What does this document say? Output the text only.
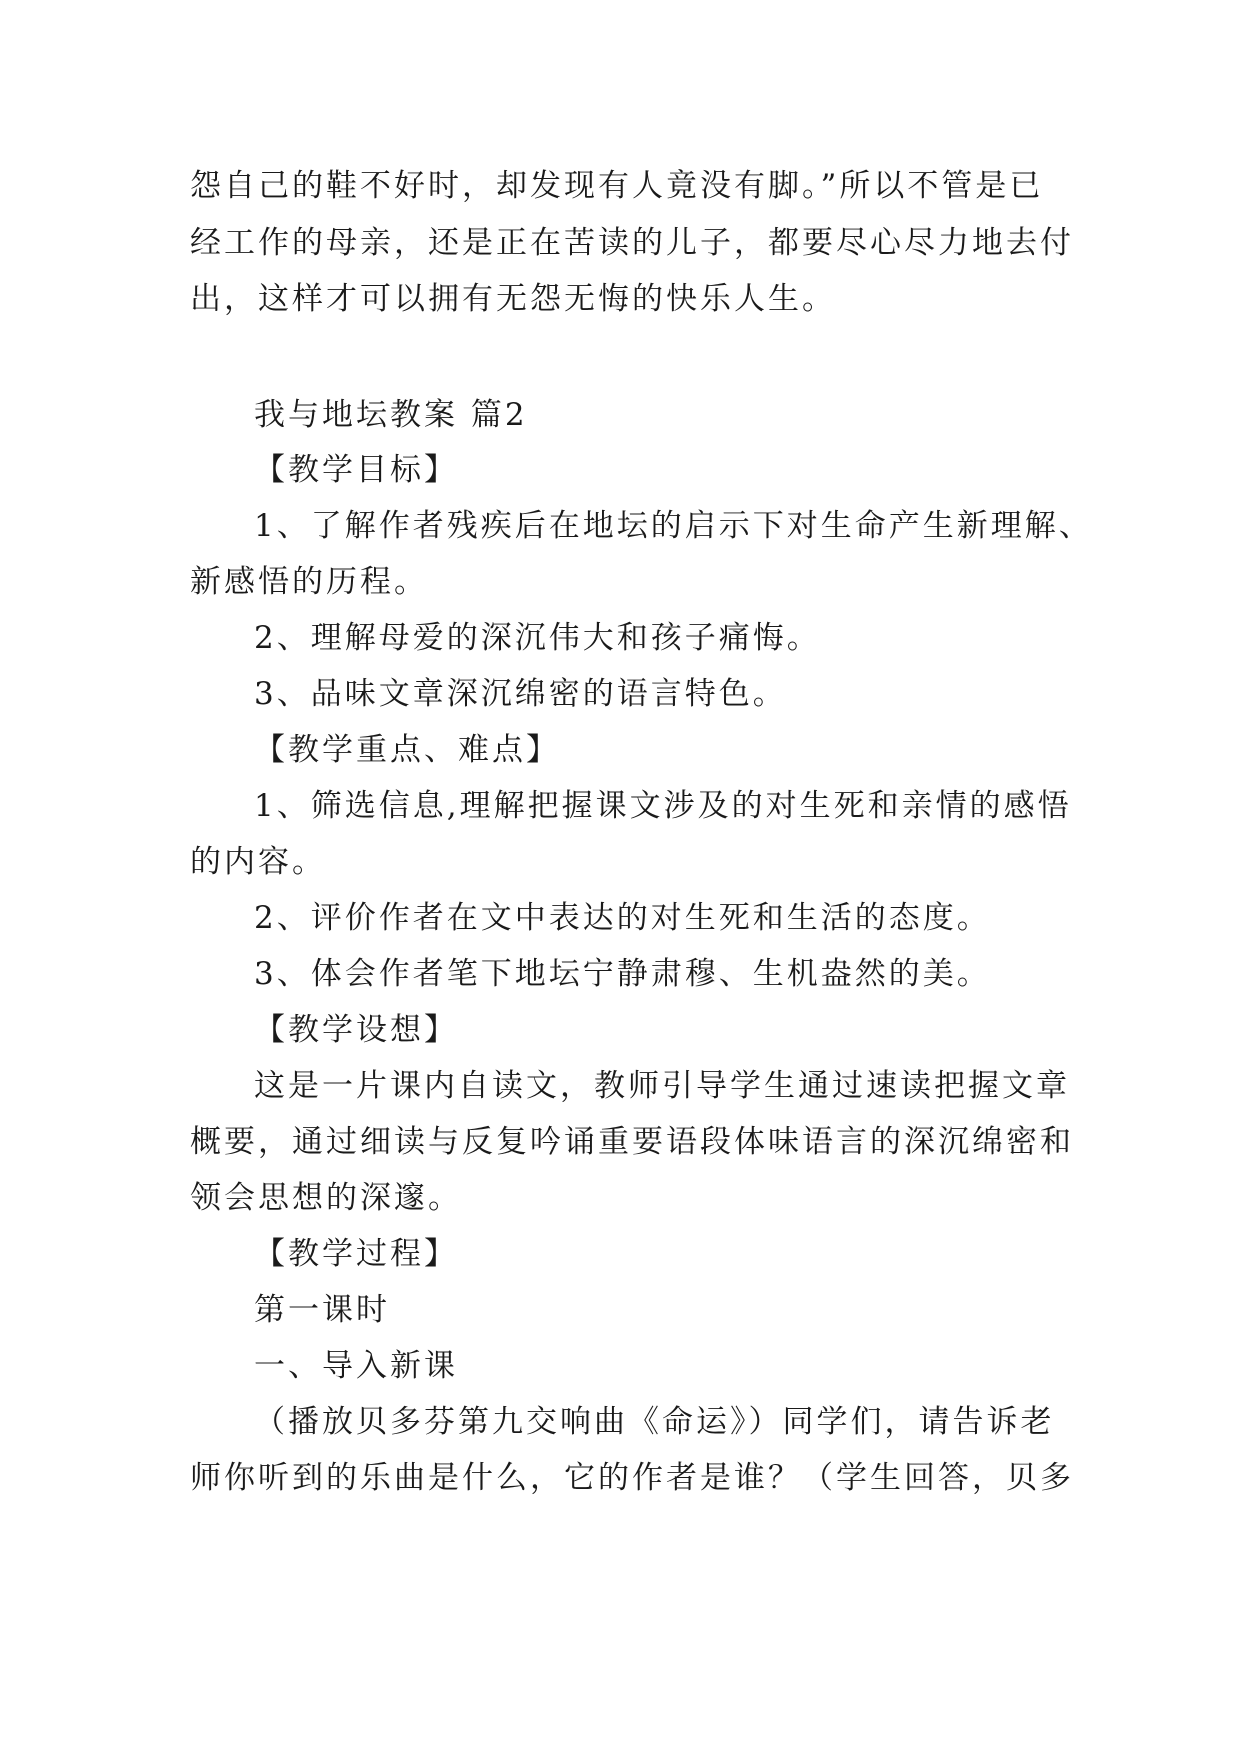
怨自己的鞋不好时，却发现有人竟没有脚。”所以不管是已
经工作的母亲，还是正在苦读的儿子，都要尽心尽力地去付
出，这样才可以拥有无怨无悔的快乐人生。
我与地坛教案 篇2
【教学目标】
1、了解作者残疾后在地坛的启示下对生命产生新理解、
新感悟的历程。
2、理解母爱的深沉伟大和孩子痛悔。
3、品味文章深沉绵密的语言特色。
【教学重点、难点】
1、筛选信息,理解把握课文涉及的对生死和亲情的感悟
的内容。
2、评价作者在文中表达的对生死和生活的态度。
3、体会作者笔下地坛宁静肃穆、生机盎然的美。
【教学设想】
这是一片课内自读文，教师引导学生通过速读把握文章
概要，通过细读与反复吟诵重要语段体味语言的深沉绵密和
领会思想的深邃。
【教学过程】
第一课时
一、导入新课
（播放贝多芬第九交响曲《命运》）同学们，请告诉老
师你听到的乐曲是什么，它的作者是谁？（学生回答，贝多
